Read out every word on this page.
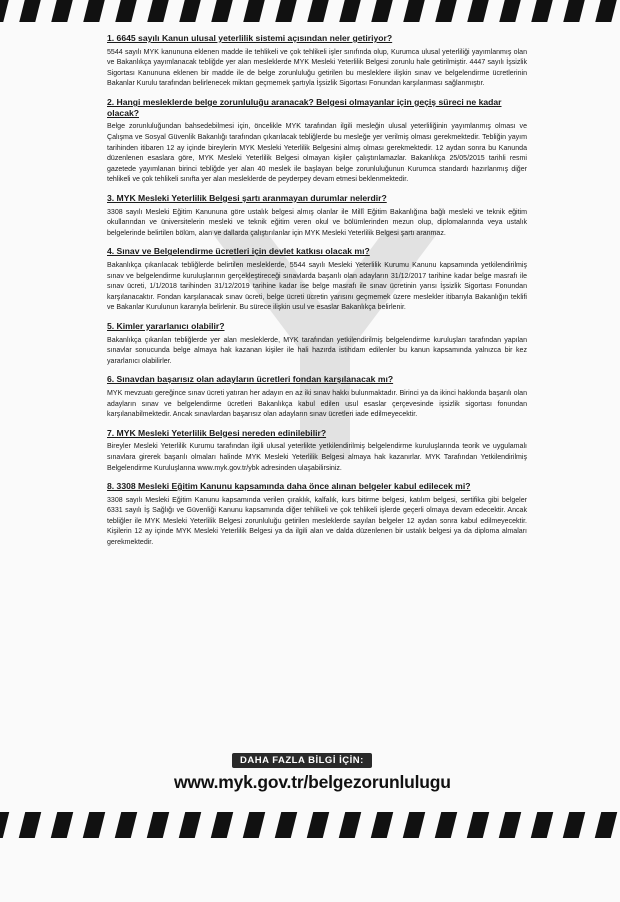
1. 6645 sayılı Kanun ulusal yeterlilik sistemi açısından neler getiriyor?

5544 sayılı MYK kanununa eklenen madde ile tehlikeli ve çok tehlikeli işler sınıfında olup, Kurumca ulusal yeterliliği yayımlanmış olan ve Bakanlıkça yayımlanacak tebliğde yer alan mesleklerde MYK Mesleki Yeterlilik Belgesi zorunlu hale getirilmiştir. 4447 sayılı İşsizlik Sigortası Kanununa eklenen bir madde ile de belge zorunluluğu getirilen bu mesleklere ilişkin sınav ve belgelendirme ücretlerinin Bakanlar Kurulu tarafından belirlenecek miktarı geçmemek şartıyla İşsizlik Sigortası Fonundan karşılanması sağlanmıştır.

2. Hangi mesleklerde belge zorunluluğu aranacak? Belgesi olmayanlar için geçiş süreci ne kadar olacak?

Belge zorunluluğundan bahsedebilmesi için, öncelikle MYK tarafından ilgili mesleğin ulusal yeterliliğinin yayımlanmış olması ve Çalışma ve Sosyal Güvenlik Bakanlığı tarafından çıkarılacak tebliğlerde bu mesleğe yer verilmiş olması gerekmektedir. Tebliğin yayım tarihinden itibaren 12 ay içinde bireylerin MYK Mesleki Yeterlilik Belgesini almış olması gerekmektedir. 12 aydan sonra bu Kanunda düzenlenen esaslara göre, MYK Mesleki Yeterlilik Belgesi olmayan kişiler çalıştırılamazlar. Bakanlıkça 25/05/2015 tarihli resmi gazetede yayımlanan birinci tebliğde yer alan 40 meslek ile başlayan belge zorunluluğunun Kurumca standardı hazırlanmış diğer tehlikeli ve çok tehlikeli sınıfta yer alan mesleklerde de peyderpey devam etmesi beklenmektedir.

3. MYK Mesleki Yeterlilik Belgesi şartı aranmayan durumlar nelerdir?

3308 sayılı Mesleki Eğitim Kanununa göre ustalık belgesi almış olanlar ile Millî Eğitim Bakanlığına bağlı mesleki ve teknik eğitim okullarından ve üniversitelerin mesleki ve teknik eğitim veren okul ve bölümlerinden mezun olup, diplomalarında veya ustalık belgelerinde belirtilen bölüm, alan ve dallarda çalıştırılanlar için MYK Mesleki Yeterlilik Belgesi şartı aranmaz.

4. Sınav ve Belgelendirme ücretleri için devlet katkısı olacak mı?

Bakanlıkça çıkarılacak tebliğlerde belirtilen mesleklerde, 5544 sayılı Mesleki Yeterlilik Kurumu Kanunu kapsamında yetkilendirilmiş sınav ve belgelendirme kuruluşlarının gerçekleştireceği sınavlarda başarılı olan adayların 31/12/2017 tarihine kadar belge masrafı ile sınav ücreti, 1/1/2018 tarihinden 31/12/2019 tarihine kadar ise belge masrafı ile sınav ücretinin yarısı İşsizlik Sigortası Fonundan karşılanacaktır. Fondan karşılanacak sınav ücreti, belge ücreti ücretin yarısını geçmemek üzere meslekler itibarıyla Bakanlığın teklifi ve Bakanlar Kurulunun kararıyla belirlenir. Bu sürece ilişkin usul ve esaslar Bakanlıkça belirlenir.

5. Kimler yararlanıcı olabilir?

Bakanlıkça çıkarılan tebliğlerde yer alan mesleklerde, MYK tarafından yetkilendirilmiş belgelendirme kuruluşları tarafından yapılan sınavlar sonucunda belge almaya hak kazanan kişiler ile hali hazırda istihdam edilenler bu kanun kapsamında yalnızca bir kez yararlanıcı olabilirler.

6. Sınavdan başarısız olan adayların ücretleri fondan karşılanacak mı?

MYK mevzuatı gereğince sınav ücreti yatıran her adayın en az iki sınav hakkı bulunmaktadır. Birinci ya da ikinci hakkında başarılı olan adayların sınav ve belgelendirme ücretleri Bakanlıkça kabul edilen usul esaslar çerçevesinde işsizlik sigortası fonundan karşılanabilmektedir. Ancak sınavlardan başarısız olan adayların sınav ücretleri iade edilmeyecektir.

7. MYK Mesleki Yeterlilik Belgesi nereden edinilebilir?

Bireyler Mesleki Yeterlilik Kurumu tarafından ilgili ulusal yeterlikte yetkilendirilmiş belgelendirme kuruluşlarında teorik ve uygulamalı sınavlara girerek başarılı olmaları halinde MYK Mesleki Yeterlilik Belgesi almaya hak kazanırlar. MYK Tarafından Yetkilendirilmiş Belgelendirme Kuruluşlarına www.myk.gov.tr/ybk adresinden ulaşabilirsiniz.

8. 3308 Mesleki Eğitim Kanunu kapsamında daha önce alınan belgeler kabul edilecek mi?

3308 sayılı Mesleki Eğitim Kanunu kapsamında verilen çıraklık, kalfalık, kurs bitirme belgesi, katılım belgesi, sertifika gibi belgeler 6331 sayılı İş Sağlığı ve Güvenliği Kanunu kapsamında diğer tehlikeli ve çok tehlikeli işlerde geçerli olmaya devam edecektir. Ancak tebliğler ile MYK Mesleki Yeterlilik Belgesi zorunluluğu getirilen mesleklerde sayılan belgeler 12 aydan sonra kabul edilmeyecektir. Kişilerin 12 ay içinde MYK Mesleki Yeterlilik Belgesi ya da ilgili alan ve dalda düzenlenen bir ustalık belgesi ya da diploma almaları gerekmektedir.

DAHA FAZLA BİLGİ İÇİN:
www.myk.gov.tr/belgezorunlulugu
